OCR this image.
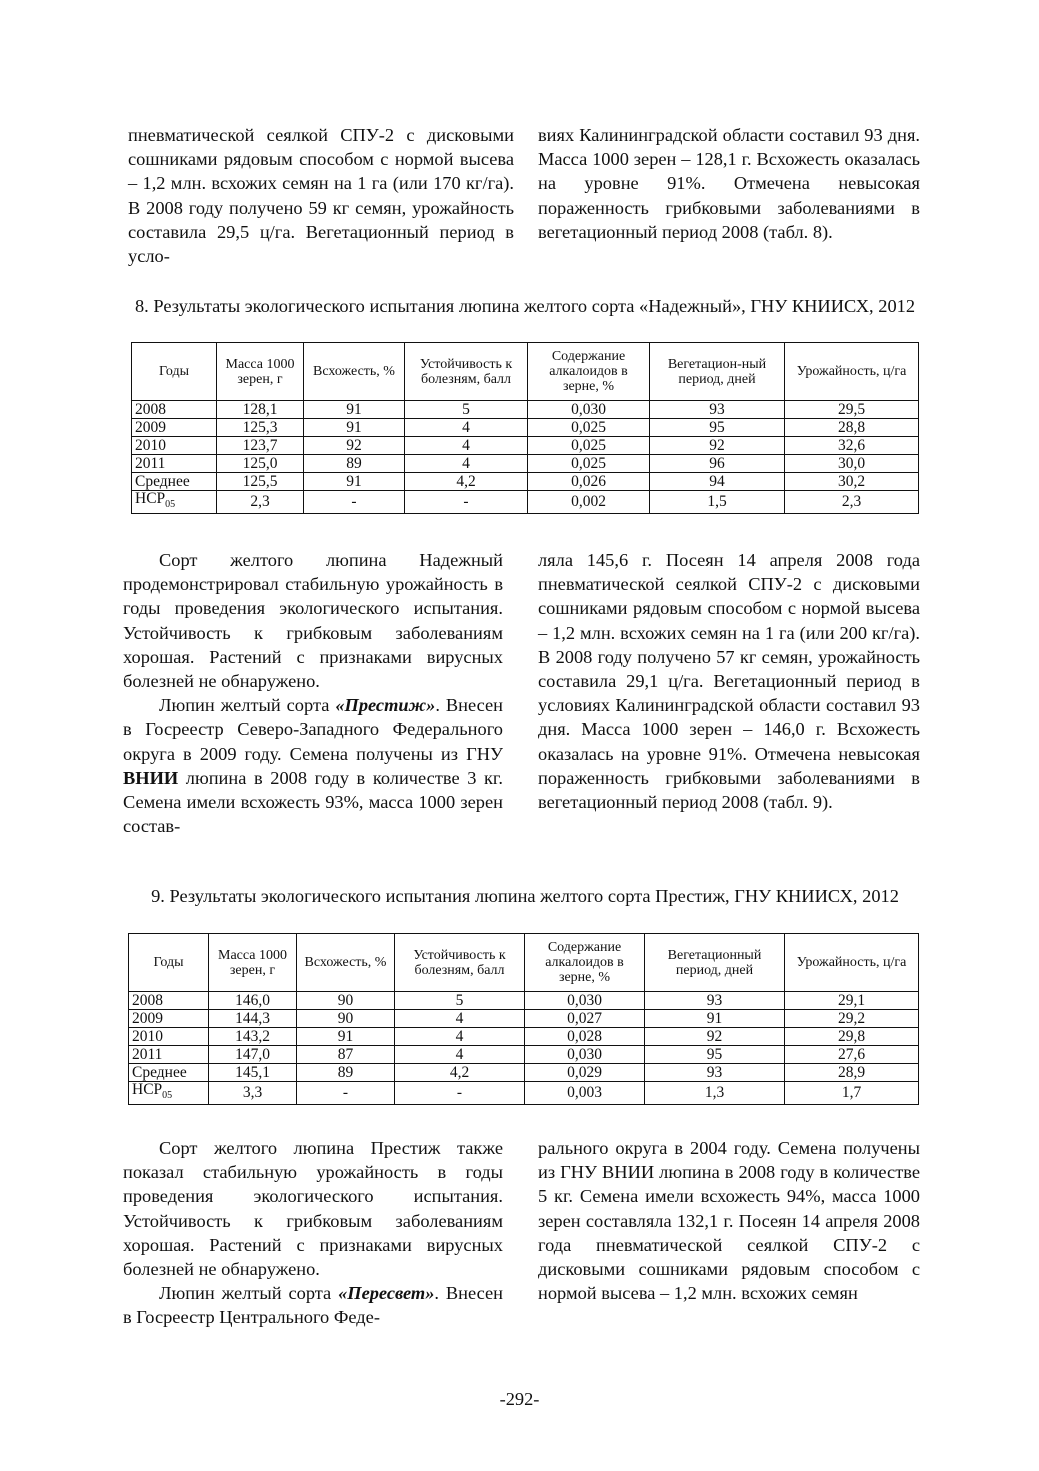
пневматической сеялкой СПУ-2 с дисковыми сошниками рядовым способом с нормой высева – 1,2 млн. всхожих семян на 1 га (или 170 кг/га). В 2008 году получено 59 кг семян, урожайность составила 29,5 ц/га. Вегетационный период в усло-

виях Калининградской области составил 93 дня. Масса 1000 зерен – 128,1 г. Всхожесть оказалась на уровне 91%. Отмечена невысокая пораженность грибковыми заболеваниями в вегетационный период 2008 (табл. 8).

8. Результаты экологического испытания люпина желтого сорта «Надежный», ГНУ КНИИСХ, 2012
Годы	Масса 1000 зерен, г	Всхожесть, %	Устойчивость к болезням, балл	Содержание алкалоидов в зерне, %	Вегетацион-ный период, дней	Урожайность, ц/га
2008	128,1	91	5	0,030	93	29,5
2009	125,3	91	4	0,025	95	28,8
2010	123,7	92	4	0,025	92	32,6
2011	125,0	89	4	0,025	96	30,0
Среднее	125,5	91	4,2	0,026	94	30,2
$НСР_{05}$	2,3	-	-	0,002	1,5	2,3

Сорт желтого люпина Надежный продемонстрировал стабильную урожайность в годы проведения экологического испытания. Устойчивость к грибковым заболеваниям хорошая. Растений с признаками вирусных болезней не обнаружено.

Люпин желтый сорта «Престиж». Внесен в Госреестр Северо-Западного Федерального округа в 2009 году. Семена получены из ГНУ ВНИИ люпина в 2008 году в количестве 3 кг. Семена имели всхожесть 93%, масса 1000 зерен состав-

ляла 145,6 г. Посеян 14 апреля 2008 года пневматической сеялкой СПУ-2 с дисковыми сошниками рядовым способом с нормой высева – 1,2 млн. всхожих семян на 1 га (или 200 кг/га). В 2008 году получено 57 кг семян, урожайность составила 29,1 ц/га. Вегетационный период в условиях Калининградской области составил 93 дня. Масса 1000 зерен – 146,0 г. Всхожесть оказалась на уровне 91%. Отмечена невысокая пораженность грибковыми заболеваниями в вегетационный период 2008 (табл. 9).

9. Результаты экологического испытания люпина желтого сорта Престиж, ГНУ КНИИСХ, 2012
Годы	Масса 1000 зерен, г	Всхожесть, %	Устойчивость к болезням, балл	Содержание алкалоидов в зерне, %	Вегетационный период, дней	Урожайность, ц/га
2008	146,0	90	5	0,030	93	29,1
2009	144,3	90	4	0,027	91	29,2
2010	143,2	91	4	0,028	92	29,8
2011	147,0	87	4	0,030	95	27,6
Среднее	145,1	89	4,2	0,029	93	28,9
$НСР_{05}$	3,3	-	-	0,003	1,3	1,7

Сорт желтого люпина Престиж также показал стабильную урожайность в годы проведения экологического испытания. Устойчивость к грибковым заболеваниям хорошая. Растений с признаками вирусных болезней не обнаружено.

Люпин желтый сорта «Пересвет». Внесен в Госреестр Центрального Феде-

рального округа в 2004 году. Семена получены из ГНУ ВНИИ люпина в 2008 году в количестве 5 кг. Семена имели всхожесть 94%, масса 1000 зерен составляла 132,1 г. Посеян 14 апреля 2008 года пневматической сеялкой СПУ-2 с дисковыми сошниками рядовым способом с нормой высева – 1,2 млн. всхожих семян

-292-
